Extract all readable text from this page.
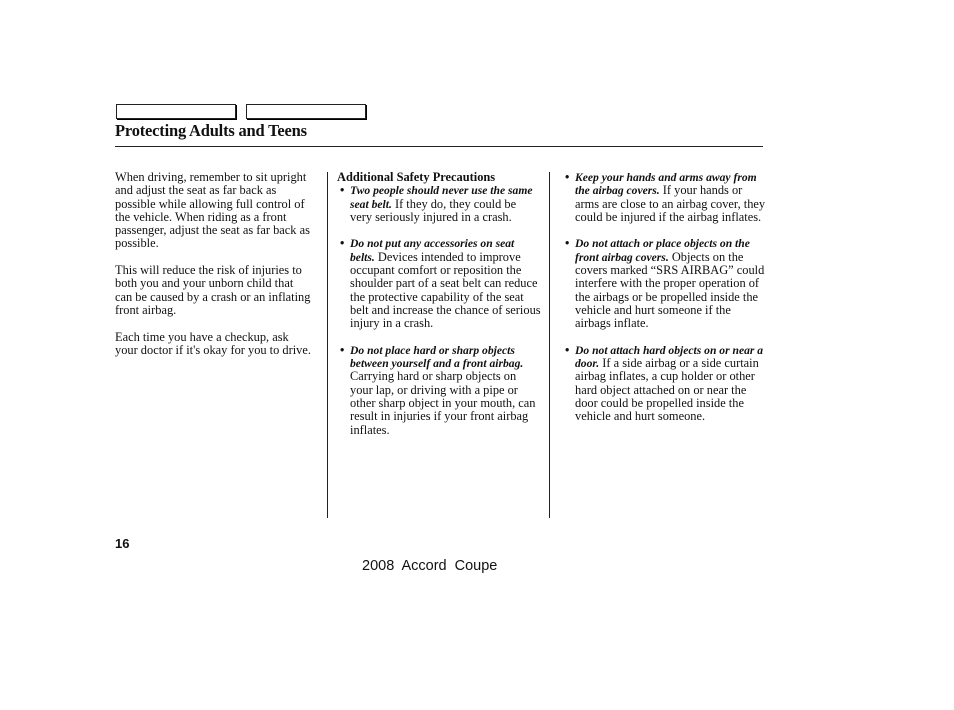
Protecting Adults and Teens

When driving, remember to sit upright and adjust the seat as far back as possible while allowing full control of the vehicle. When riding as a front passenger, adjust the seat as far back as possible.

This will reduce the risk of injuries to both you and your unborn child that can be caused by a crash or an inflating front airbag.

Each time you have a checkup, ask your doctor if it's okay for you to drive.

Additional Safety Precautions

• Two people should never use the same seat belt. If they do, they could be very seriously injured in a crash.

• Do not put any accessories on seat belts. Devices intended to improve occupant comfort or reposition the shoulder part of a seat belt can reduce the protective capability of the seat belt and increase the chance of serious injury in a crash.

• Do not place hard or sharp objects between yourself and a front airbag. Carrying hard or sharp objects on your lap, or driving with a pipe or other sharp object in your mouth, can result in injuries if your front airbag inflates.

• Keep your hands and arms away from the airbag covers. If your hands or arms are close to an airbag cover, they could be injured if the airbag inflates.

• Do not attach or place objects on the front airbag covers. Objects on the covers marked “SRS AIRBAG” could interfere with the proper operation of the airbags or be propelled inside the vehicle and hurt someone if the airbags inflate.

• Do not attach hard objects on or near a door. If a side airbag or a side curtain airbag inflates, a cup holder or other hard object attached on or near the door could be propelled inside the vehicle and hurt someone.

16
2008 Accord Coupe
